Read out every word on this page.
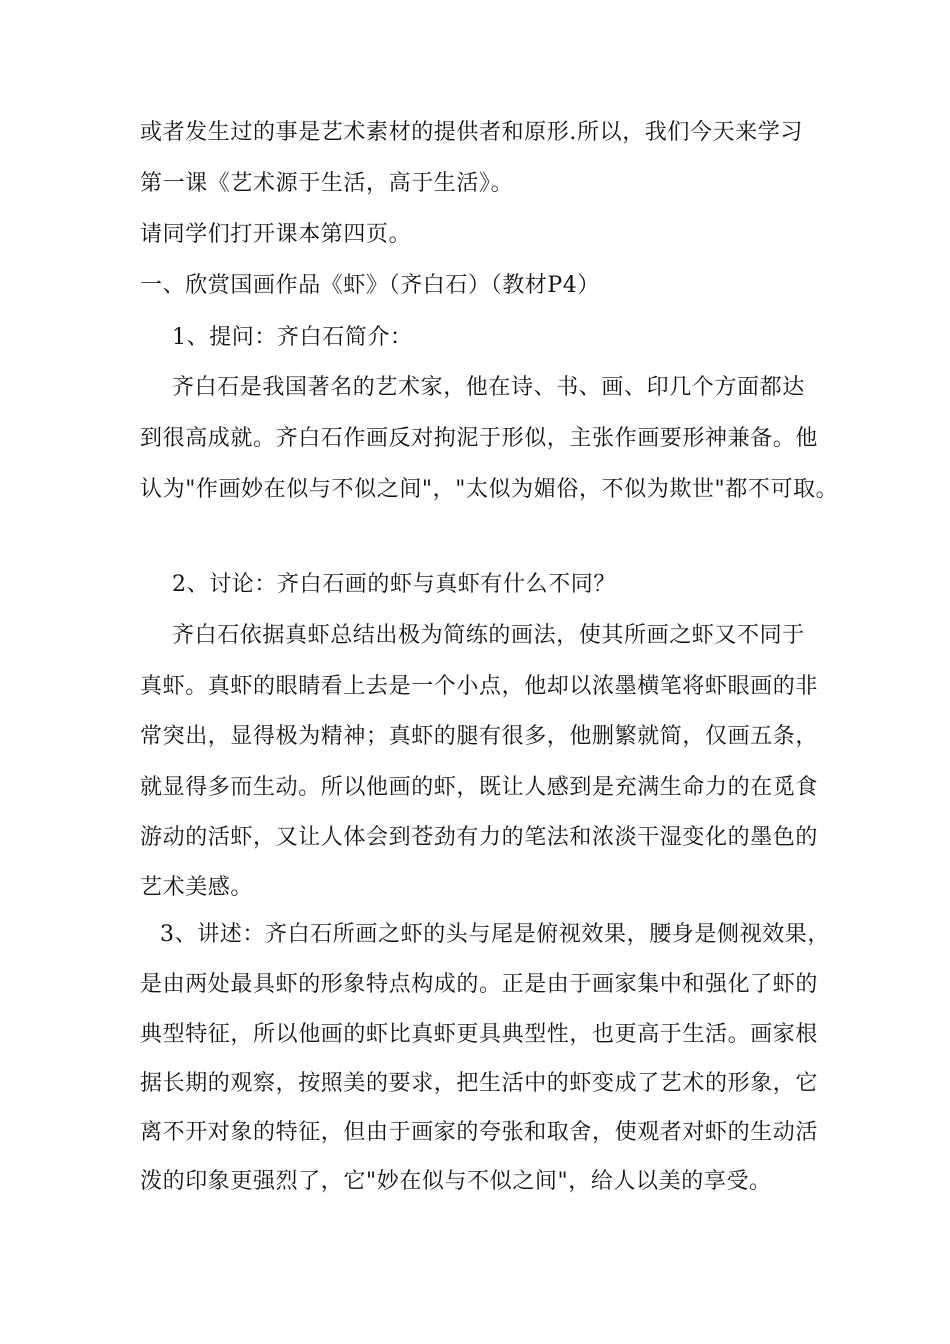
或者发生过的事是艺术素材的提供者和原形.所以，我们今天来学习
第一课《艺术源于生活，高于生活》。
请同学们打开课本第四页。
一、欣赏国画作品《虾》（齐白石）（教材P4）
1、提问：齐白石简介：
齐白石是我国著名的艺术家，他在诗、书、画、印几个方面都达
到很高成就。齐白石作画反对拘泥于形似，主张作画要形神兼备。他
认为"作画妙在似与不似之间"，"太似为媚俗，不似为欺世"都不可取。
2、讨论：齐白石画的虾与真虾有什么不同？
齐白石依据真虾总结出极为简练的画法，使其所画之虾又不同于
真虾。真虾的眼睛看上去是一个小点，他却以浓墨横笔将虾眼画的非
常突出，显得极为精神；真虾的腿有很多，他删繁就简，仅画五条，
就显得多而生动。所以他画的虾，既让人感到是充满生命力的在觅食
游动的活虾，又让人体会到苍劲有力的笔法和浓淡干湿变化的墨色的
艺术美感。
3、讲述：齐白石所画之虾的头与尾是俯视效果，腰身是侧视效果，
是由两处最具虾的形象特点构成的。正是由于画家集中和强化了虾的
典型特征，所以他画的虾比真虾更具典型性，也更高于生活。画家根
据长期的观察，按照美的要求，把生活中的虾变成了艺术的形象，它
离不开对象的特征，但由于画家的夸张和取舍，使观者对虾的生动活
泼的印象更强烈了，它"妙在似与不似之间"，给人以美的享受。
